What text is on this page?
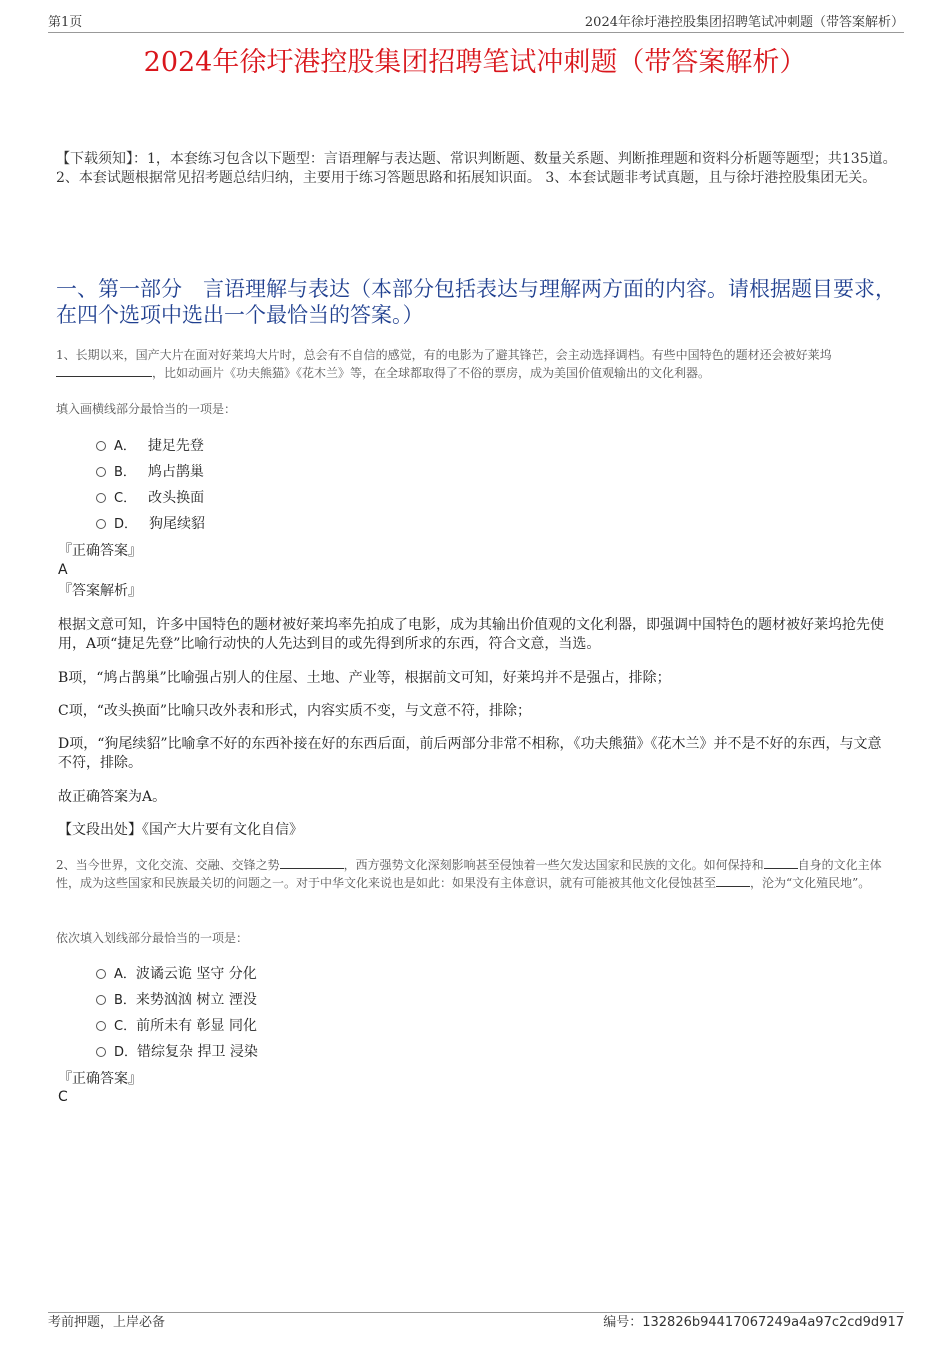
第1页	2024年徐圩港控股集团招聘笔试冲刺题（带答案解析）
2024年徐圩港控股集团招聘笔试冲刺题（带答案解析）
【下载须知】：1，本套练习包含以下题型：言语理解与表达题、常识判断题、数量关系题、判断推理题和资料分析题等题型；共135道。 2、本套试题根据常见招考题总结归纳，主要用于练习答题思路和拓展知识面。 3、本套试题非考试真题，且与徐圩港控股集团无关。
一、第一部分　言语理解与表达（本部分包括表达与理解两方面的内容。请根据题目要求，在四个选项中选出一个最恰当的答案。）
1、长期以来，国产大片在面对好莱坞大片时，总会有不自信的感觉，有的电影为了避其锋芒，会主动选择调档。有些中国特色的题材还会被好莱坞，比如动画片《功夫熊猫》《花木兰》等，在全球都取得了不俗的票房，成为美国价值观输出的文化利器。
填入画横线部分最恰当的一项是：
A． 捷足先登
B． 鸠占鹊巢
C． 改头换面
D． 狗尾续貂
『正确答案』
A
『答案解析』
根据文意可知，许多中国特色的题材被好莱坞率先拍成了电影，成为其输出价值观的文化利器，即强调中国特色的题材被好莱坞抢先使用，A项“捷足先登”比喻行动快的人先达到目的或先得到所求的东西，符合文意，当选。
B项，“鸠占鹊巢”比喻强占别人的住屋、土地、产业等，根据前文可知，好莱坞并不是强占，排除；
C项，“改头换面”比喻只改外表和形式，内容实质不变，与文意不符，排除；
D项，“狗尾续貂”比喻拿不好的东西补接在好的东西后面，前后两部分非常不相称，《功夫熊猫》《花木兰》并不是不好的东西，与文意不符，排除。
故正确答案为A。
【文段出处】《国产大片要有文化自信》
2、当今世界，文化交流、交融、交锋之势	，西方强势文化深刻影响甚至侵蚀着一些欠发达国家和民族的文化。如何保持和	自身的文化主体性，成为这些国家和民族最关切的问题之一。对于中华文化来说也是如此：如果没有主体意识，就有可能被其他文化侵蚀甚至	，沦为“文化殖民地”。
依次填入划线部分最恰当的一项是：
A．波谲云诡 坚守 分化
B．来势汹汹 树立 湮没
C．前所未有 彰显 同化
D．错综复杂 捍卫 浸染
『正确答案』
C
考前押题，上岸必备	编号：132826b94417067249a4a97c2cd9d917
